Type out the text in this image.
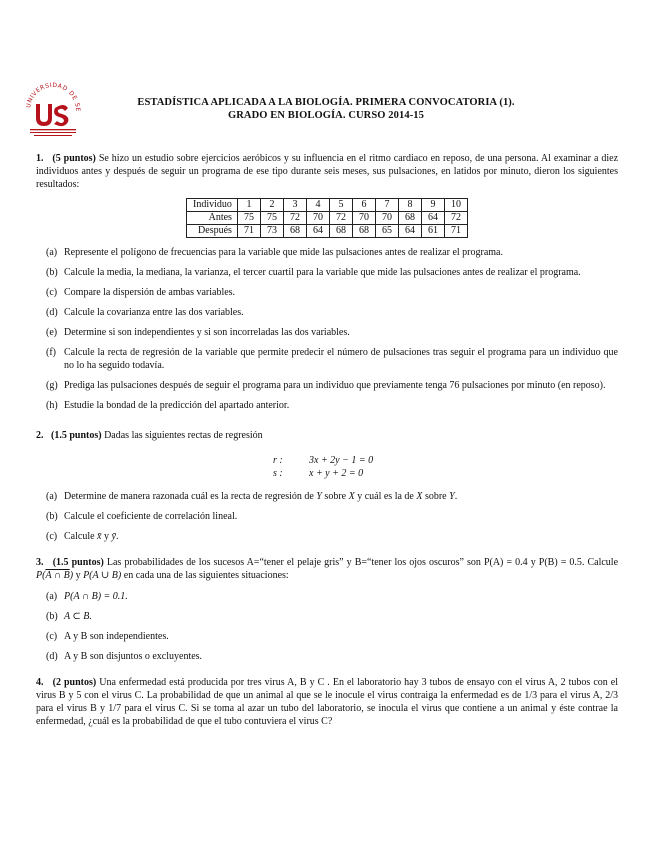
UNIVERSIDAD DE SE
ESTADÍSTICA APLICADA A LA BIOLOGÍA. PRIMERA CONVOCATORIA (1).
GRADO EN BIOLOGÍA. CURSO 2014-15

1. (5 puntos) Se hizo un estudio sobre ejercicios aeróbicos y su influencia en el ritmo cardiaco en reposo, de una persona. Al examinar a diez individuos antes y después de seguir un programa de ese tipo durante seis meses, sus pulsaciones, en latidos por minuto, dieron los siguientes resultados:

Individuo	1	2	3	4	5	6	7	8	9	10
Antes	75	75	72	70	72	70	70	68	64	72
Después	71	73	68	64	68	68	65	64	61	71
(a) Represente el polígono de frecuencias para la variable que mide las pulsaciones antes de realizar el programa.
(b) Calcule la media, la mediana, la varianza, el tercer cuartil para la variable que mide las pulsaciones antes de realizar el programa.
(c) Compare la dispersión de ambas variables.
(d) Calcule la covarianza entre las dos variables.
(e) Determine si son independientes y si son incorreladas las dos variables.
(f) Calcule la recta de regresión de la variable que permite predecir el número de pulsaciones tras seguir el programa para un individuo que no lo ha seguido todavía.
(g) Prediga las pulsaciones después de seguir el programa para un individuo que previamente tenga 76 pulsaciones por minuto (en reposo).
(h) Estudie la bondad de la predicción del apartado anterior.

2. (1.5 puntos) Dadas las siguientes rectas de regresión

r :	3x + 2y − 1 = 0
s :	x + y + 2 = 0
(a) Determine de manera razonada cuál es la recta de regresión de Y sobre X y cuál es la de X sobre Y.
(b) Calcule el coeficiente de correlación lineal.
(c) Calcule x̄ y ȳ.

3. (1.5 puntos) Las probabilidades de los sucesos A=“tener el pelaje gris” y B=“tener los ojos oscuros” son P(A) = 0.4 y P(B) = 0.5. Calcule P(A ∩ B) y P(A ∪ B) en cada una de las siguientes situaciones:

(a) P(A ∩ B) = 0.1.
(b) A ⊂ B.
(c) A y B son independientes.
(d) A y B son disjuntos o excluyentes.

4. (2 puntos) Una enfermedad está producida por tres virus A, B y C . En el laboratorio hay 3 tubos de ensayo con el virus A, 2 tubos con el virus B y 5 con el virus C. La probabilidad de que un animal al que se le inocule el virus contraiga la enfermedad es de 1/3 para el virus A, 2/3 para el virus B y 1/7 para el virus C. Si se toma al azar un tubo del laboratorio, se inocula el virus que contiene a un animal y éste contrae la enfermedad, ¿cuál es la probabilidad de que el tubo contuviera el virus C?
